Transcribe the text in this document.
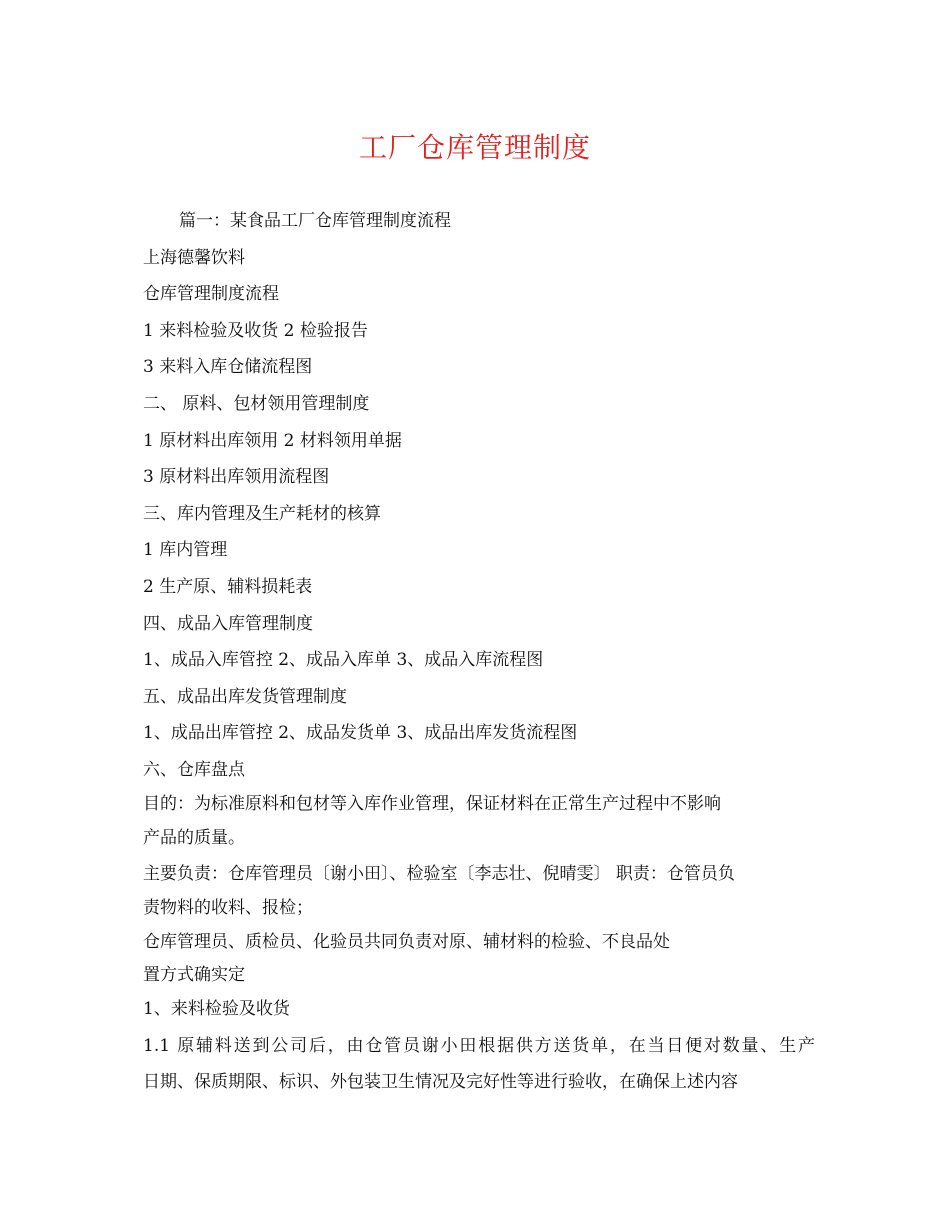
工厂仓库管理制度

篇一：某食品工厂仓库管理制度流程

上海德馨饮料

仓库管理制度流程

1 来料检验及收货 2 检验报告

3 来料入库仓储流程图

二、 原料、包材领用管理制度

1 原材料出库领用 2 材料领用单据

3 原材料出库领用流程图

三、库内管理及生产耗材的核算

1 库内管理

2 生产原、辅料损耗表

四、成品入库管理制度

1、成品入库管控 2、成品入库单 3、成品入库流程图

五、成品出库发货管理制度

1、成品出库管控 2、成品发货单 3、成品出库发货流程图

六、仓库盘点

目的：为标准原料和包材等入库作业管理，保证材料在正常生产过程中不影响

产品的质量。

主要负责：仓库管理员〔谢小田〕、检验室〔李志壮、倪晴雯〕 职责：仓管员负

责物料的收料、报检；

仓库管理员、质检员、化验员共同负责对原、辅材料的检验、不良品处

置方式确实定

1、来料检验及收货

1.1 原辅料送到公司后，由仓管员谢小田根据供方送货单，在当日便对数量、生产

日期、保质期限、标识、外包装卫生情况及完好性等进行验收，在确保上述内容
